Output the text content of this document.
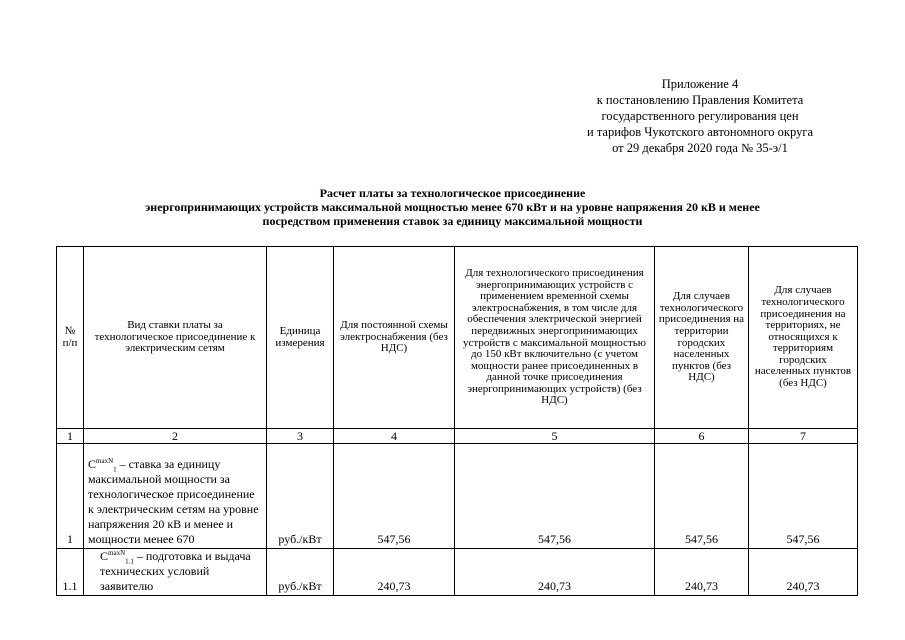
Приложение 4
к постановлению Правления Комитета
государственного регулирования цен
и тарифов Чукотского автономного округа
от 29 декабря 2020 года № 35-э/1
Расчет платы за технологическое присоединение
энергопринимающих устройств максимальной мощностью менее 670 кВт и на уровне напряжения 20 кВ и менее
посредством применения ставок за единицу максимальной мощности
№
п/п	Вид ставки платы за технологическое присоединение к электрическим сетям	Единица измерения	Для постоянной схемы электроснабжения (без НДС)	Для технологического присоединения энергопринимающих устройств с применением временной схемы электроснабжения, в том числе для обеспечения электрической энергией передвижных энергопринимающих устройств с максимальной мощностью до 150 кВт включительно (с учетом мощности ранее присоединенных в данной точке присоединения энергопринимающих устройств) (без НДС)	Для случаев технологического присоединения на территории городских населенных пунктов (без НДС)	Для случаев технологического присоединения на территориях, не относящихся к территориям городских населенных пунктов (без НДС)
1	2	3	4	5	6	7
1	$C^{maxN}_1$ – ставка за единицу максимальной мощности за технологическое присоединение к электрическим сетям на уровне напряжения 20 кВ и менее и мощности менее 670	руб./кВт	547,56	547,56	547,56	547,56
1.1	$C^{maxN}_{1.1}$ – подготовка и выдача технических условий заявителю	руб./кВт	240,73	240,73	240,73	240,73
